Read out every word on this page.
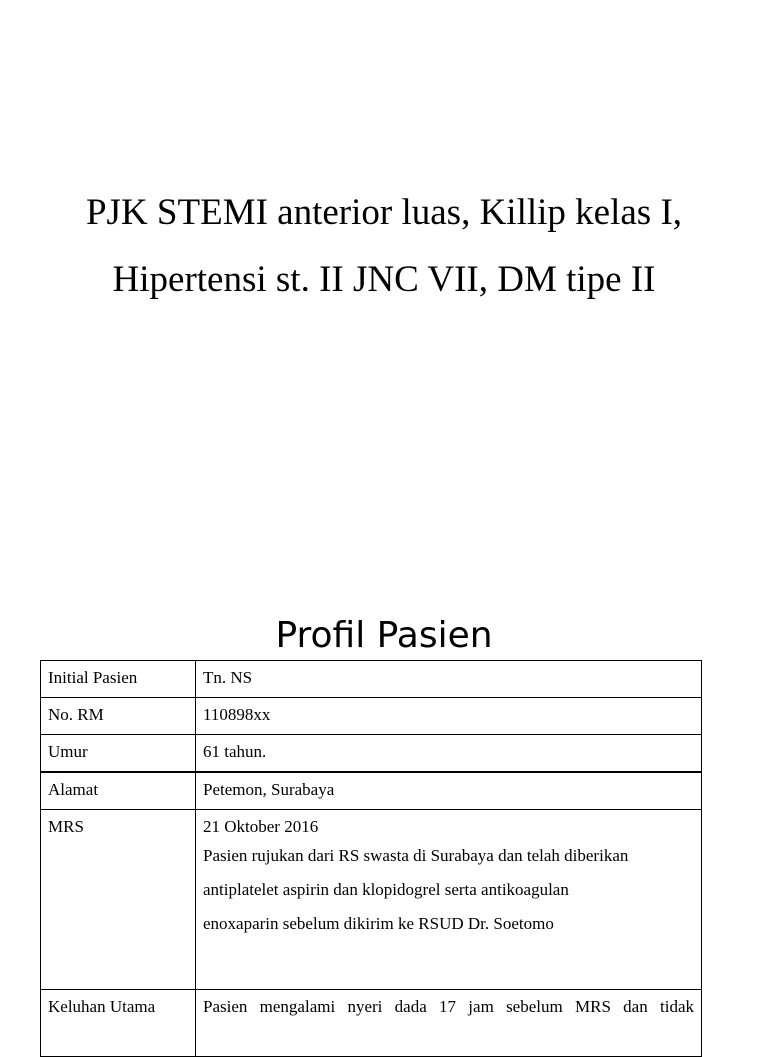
PJK STEMI anterior luas, Killip kelas I,
Hipertensi st. II JNC VII, DM tipe II
Profil Pasien
Initial Pasien	Tn. NS
No. RM	110898xx
Umur	61 tahun.
Alamat	Petemon, Surabaya
MRS	21 Oktober 2016
Pasien rujukan dari RS swasta di Surabaya dan telah diberikan
antiplatelet aspirin dan klopidogrel serta antikoagulan
enoxaparin sebelum dikirim ke RSUD Dr. Soetomo

Keluhan Utama	Pasien mengalami nyeri dada 17 jam sebelum MRS dan tidak
